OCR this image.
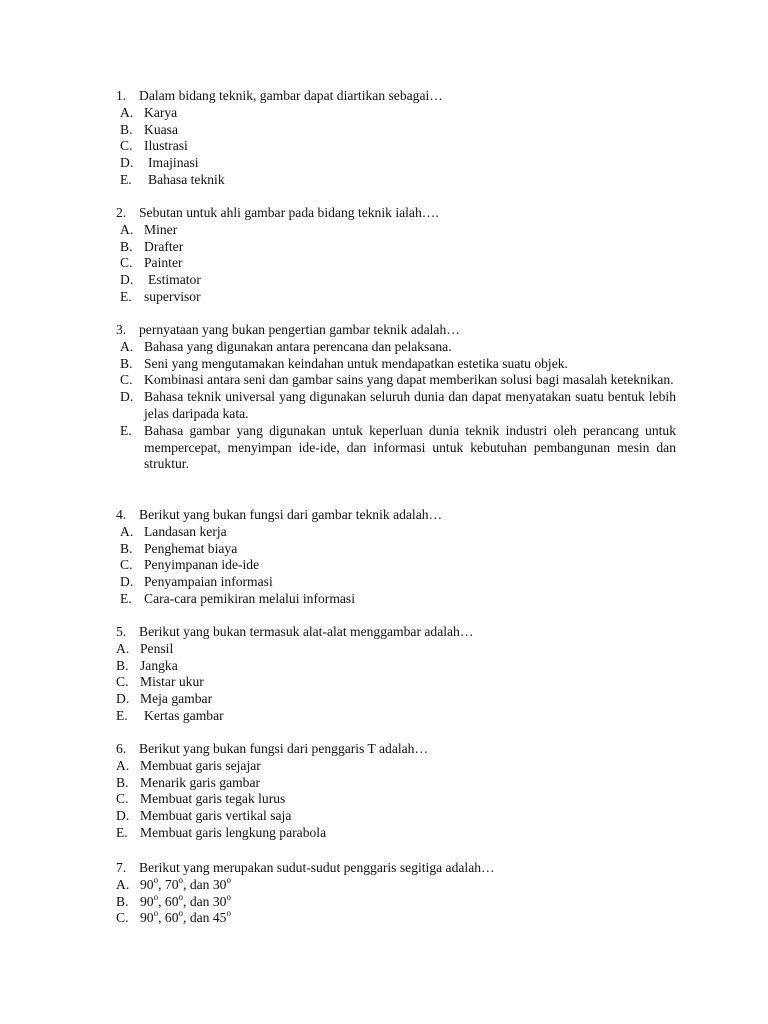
1. Dalam bidang teknik, gambar dapat diartikan sebagai…
A. Karya
B. Kuasa
C. Ilustrasi
D.	Imajinasi
E.	Bahasa teknik
2. Sebutan untuk ahli gambar pada bidang teknik ialah….
A. Miner
B. Drafter
C. Painter
D.	Estimator
E. supervisor
3. pernyataan yang bukan pengertian gambar teknik adalah…
A. Bahasa yang digunakan antara perencana dan pelaksana.
B. Seni yang mengutamakan keindahan untuk mendapatkan estetika suatu objek.
C. Kombinasi antara seni dan gambar sains yang dapat memberikan solusi bagi masalah keteknikan.
D. Bahasa teknik universal yang digunakan seluruh dunia dan dapat menyatakan suatu bentuk lebih jelas daripada kata.
E. Bahasa gambar yang digunakan untuk keperluan dunia teknik industri oleh perancang untuk mempercepat, menyimpan ide-ide, dan informasi untuk kebutuhan pembangunan mesin dan struktur.
4. Berikut yang bukan fungsi dari gambar teknik adalah…
A. Landasan kerja
B. Penghemat biaya
C. Penyimpanan ide-ide
D. Penyampaian informasi
E. Cara-cara pemikiran melalui informasi
5. Berikut yang bukan termasuk alat-alat menggambar adalah…
A. Pensil
B. Jangka
C. Mistar ukur
D. Meja gambar
E.	Kertas gambar
6. Berikut yang bukan fungsi dari penggaris T adalah…
A. Membuat garis sejajar
B. Menarik garis gambar
C. Membuat garis tegak lurus
D. Membuat garis vertikal saja
E. Membuat garis lengkung parabola
7. Berikut yang merupakan sudut-sudut penggaris segitiga adalah…
A. 90$^o$, 70$^o$, dan 30$^o$
B. 90$^o$, 60$^o$, dan 30$^o$
C. 90$^o$, 60$^o$, dan 45$^o$
